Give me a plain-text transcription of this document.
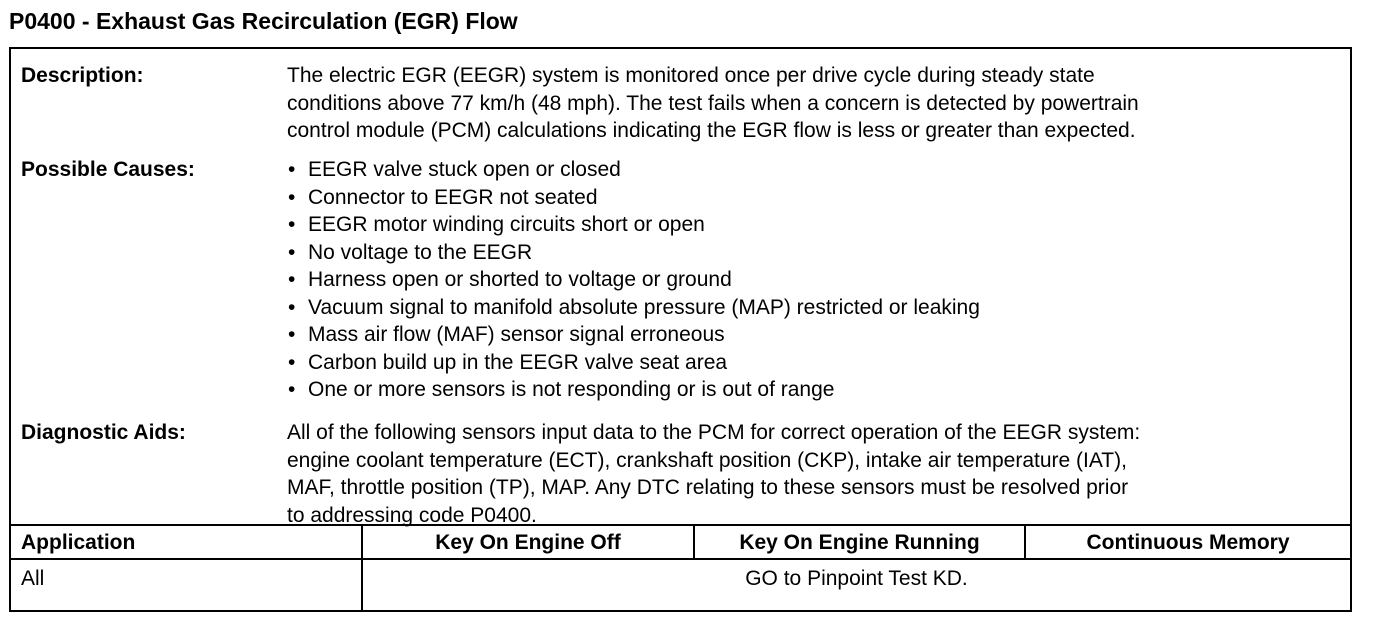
P0400 - Exhaust Gas Recirculation (EGR) Flow
Description:	The electric EGR (EEGR) system is monitored once per drive cycle during steady state
conditions above 77 km/h (48 mph). The test fails when a concern is detected by powertrain
control module (PCM) calculations indicating the EGR flow is less or greater than expected.
Possible Causes:
•	EEGR valve stuck open or closed
• Connector to EEGR not seated
• EEGR motor winding circuits short or open
• No voltage to the EEGR
• Harness open or shorted to voltage or ground
• Vacuum signal to manifold absolute pressure (MAP) restricted or leaking
• Mass air flow (MAF) sensor signal erroneous
• Carbon build up in the EEGR valve seat area
• One or more sensors is not responding or is out of range
Diagnostic Aids:	All of the following sensors input data to the PCM for correct operation of the EEGR system:
engine coolant temperature (ECT), crankshaft position (CKP), intake air temperature (IAT),
MAF, throttle position (TP), MAP. Any DTC relating to these sensors must be resolved prior
to addressing code P0400.
Application	Key On Engine Off	Key On Engine Running	Continuous Memory
All	GO to Pinpoint Test KD.
